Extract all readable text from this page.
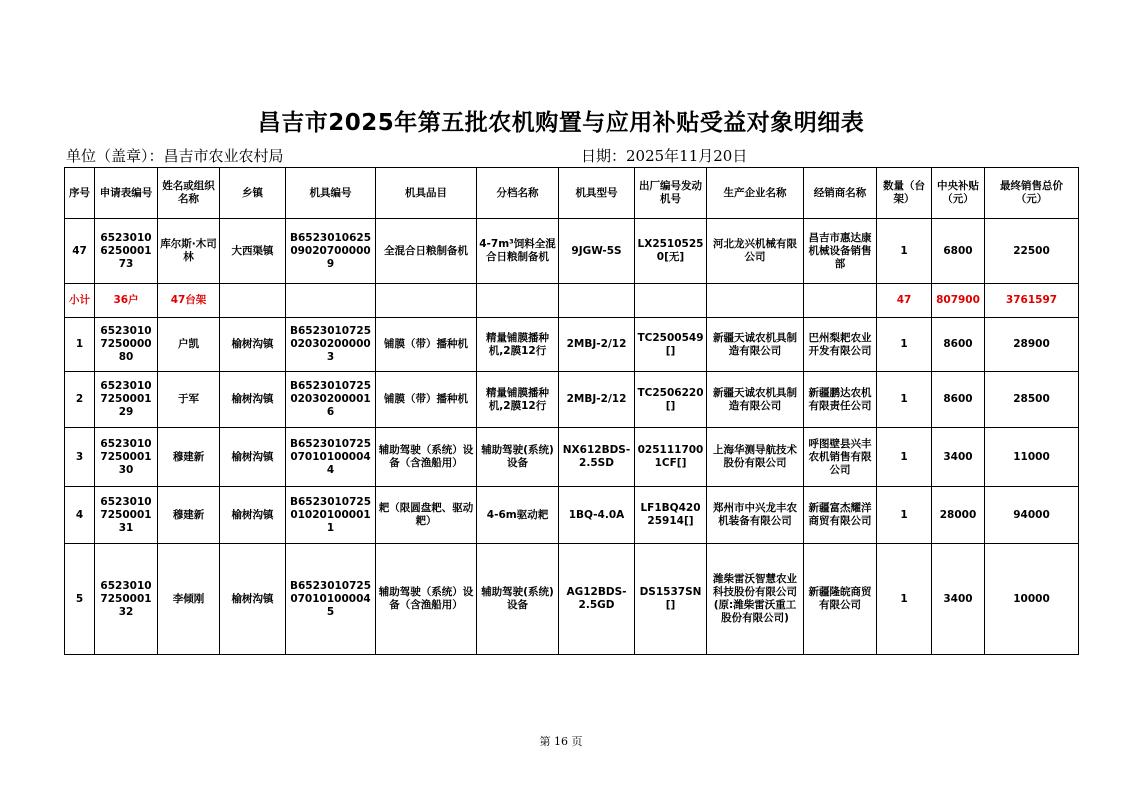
昌吉市2025年第五批农机购置与应用补贴受益对象明细表
单位（盖章）：昌吉市农业农村局	日期：2025年11月20日
序号	申请表编号	姓名或组织名称	乡镇	机具编号	机具品目	分档名称	机具型号	出厂编号发动机号	生产企业名称	经销商名称	数量（台架）	中央补贴（元）	最终销售总价（元）
47	6523010625000173	库尔斯·木司林	大西渠镇	B6523010625090207000009	全混合日粮制备机	4-7m³饲料全混合日粮制备机	9JGW-5S	LX25105250[无]	河北龙兴机械有限公司	昌吉市惠达康机械设备销售部	1	6800	22500
小计	36户	47台架									47	807900	3761597
1	6523010725000080	户凯	榆树沟镇	B6523010725020302000003	铺膜（带）播种机	精量铺膜播种机,2膜12行	2MBJ-2/12	TC2500549[]	新疆天诚农机具制造有限公司	巴州梨耙农业开发有限公司	1	8600	28900
2	6523010725000129	于军	榆树沟镇	B6523010725020302000016	铺膜（带）播种机	精量铺膜播种机,2膜12行	2MBJ-2/12	TC2506220[]	新疆天诚农机具制造有限公司	新疆鹏达农机有限责任公司	1	8600	28500
3	6523010725000130	穆建新	榆树沟镇	B6523010725070101000044	辅助驾驶（系统）设备（含渔船用）	辅助驾驶(系统)设备	NX612BDS-2.5SD	0251117001CF[]	上海华测导航技术股份有限公司	呼图壁县兴丰农机销售有限公司	1	3400	11000
4	6523010725000131	穆建新	榆树沟镇	B6523010725010201000011	耙（限圆盘耙、驱动耙）	4-6m驱动耙	1BQ-4.0A	LF1BQ42025914[]	郑州市中兴龙丰农机装备有限公司	新疆富杰耀洋商贸有限公司	1	28000	94000
5	6523010725000132	李倾刚	榆树沟镇	B6523010725070101000045	辅助驾驶（系统）设备（含渔船用）	辅助驾驶(系统)设备	AG12BDS-2.5GD	DS1537SN[]	潍柴雷沃智慧农业科技股份有限公司(原:潍柴雷沃重工股份有限公司)	新疆隆皖商贸有限公司	1	3400	10000
第 16 页
